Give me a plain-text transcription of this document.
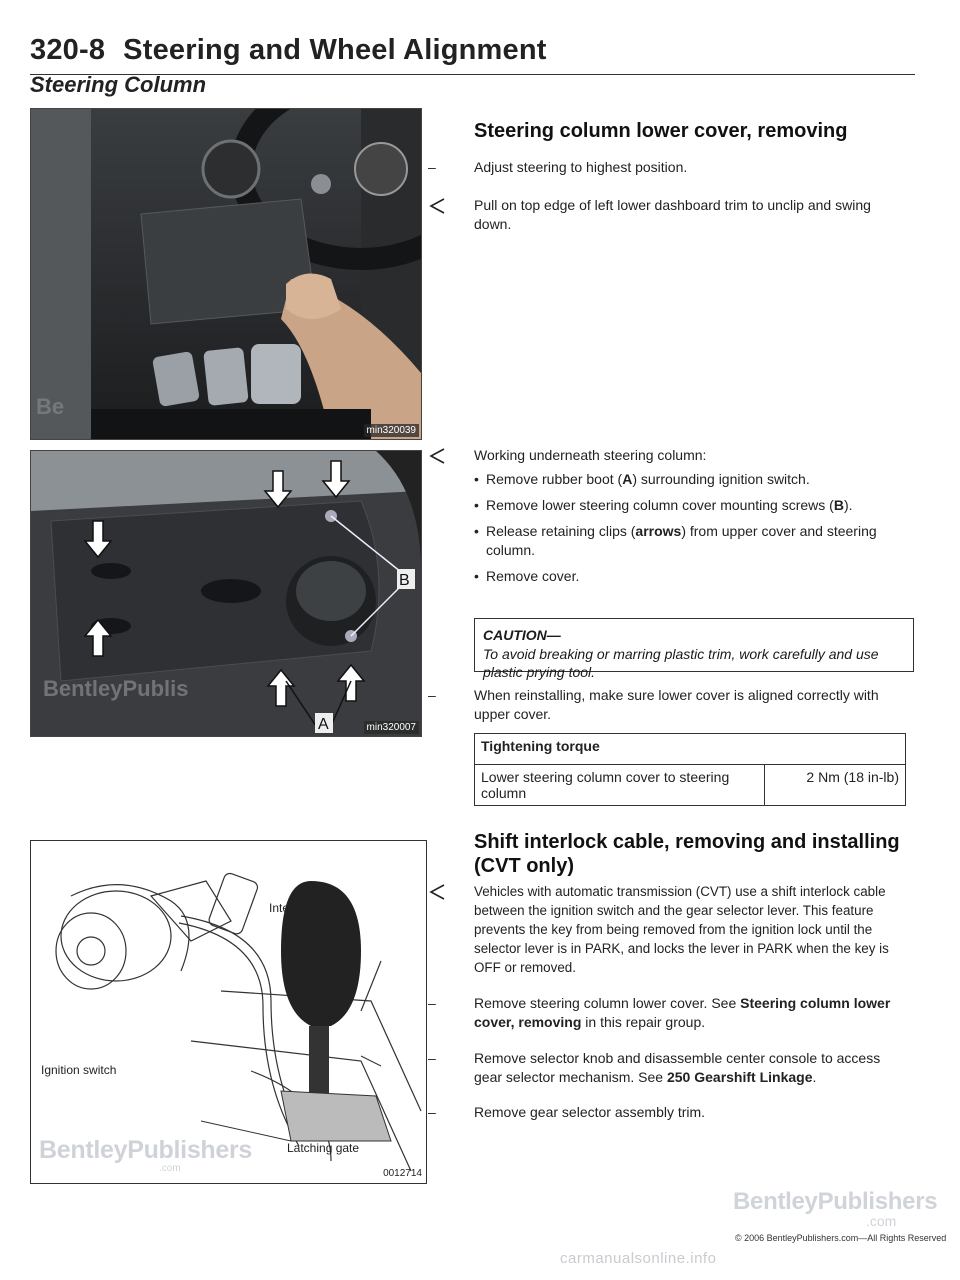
320-8 Steering and Wheel Alignment
Steering Column
Be
min320039
B
A
BentleyPublis
min320007
Interlock cable
Ignition switch
Latching gate
BentleyPublishers
.com	0012714
Steering column lower cover, removing
–	Adjust steering to highest position.
Pull on top edge of left lower dashboard trim to unclip and swing down.
Working underneath steering column:
• Remove rubber boot (A) surrounding ignition switch.
• Remove lower steering column cover mounting screws (B).
• Release retaining clips (arrows) from upper cover and steering column.
• Remove cover.
CAUTION—
To avoid breaking or marring plastic trim, work carefully and use plastic prying tool.
–	When reinstalling, make sure lower cover is aligned correctly with upper cover.
Tightening torque
Lower steering column cover to steering column	2 Nm (18 in-lb)
Shift interlock cable, removing and installing (CVT only)
Vehicles with automatic transmission (CVT) use a shift interlock cable between the ignition switch and the gear selector lever. This feature prevents the key from being removed from the ignition lock until the selector lever is in PARK, and locks the lever in PARK when the key is OFF or removed.
–	Remove steering column lower cover. See Steering column lower cover, removing in this repair group.
–	Remove selector knob and disassemble center console to access gear selector mechanism. See 250 Gearshift Linkage.
–	Remove gear selector assembly trim.
BentleyPublishers
.com
© 2006 BentleyPublishers.com—All Rights Reserved
carmanualsonline.info
